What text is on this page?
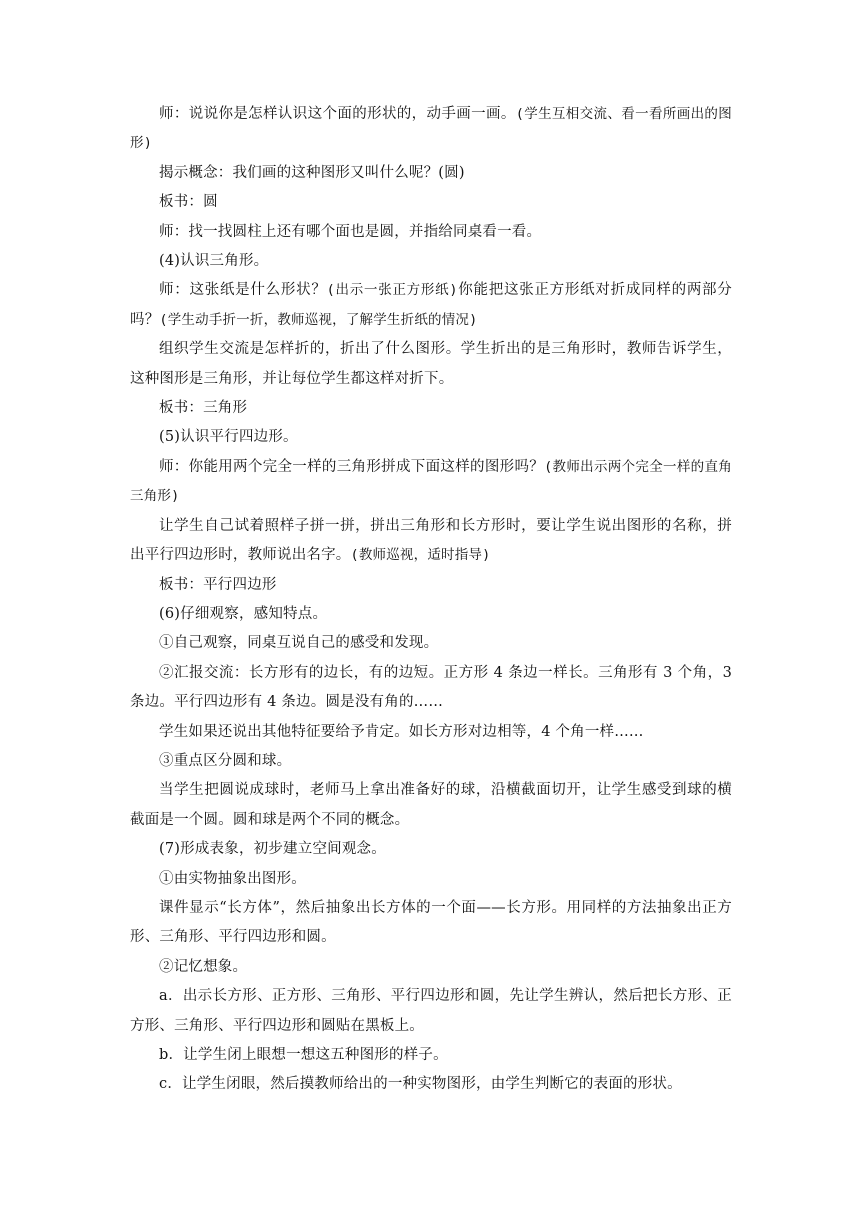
师：说说你是怎样认识这个面的形状的，动手画一画。(学生互相交流、看一看所画出的图形)

揭示概念：我们画的这种图形又叫什么呢？(圆)

板书：圆

师：找一找圆柱上还有哪个面也是圆，并指给同桌看一看。

(4)认识三角形。

师：这张纸是什么形状？(出示一张正方形纸)你能把这张正方形纸对折成同样的两部分吗？(学生动手折一折，教师巡视，了解学生折纸的情况)

组织学生交流是怎样折的，折出了什么图形。学生折出的是三角形时，教师告诉学生，这种图形是三角形，并让每位学生都这样对折下。

板书：三角形

(5)认识平行四边形。

师：你能用两个完全一样的三角形拼成下面这样的图形吗？(教师出示两个完全一样的直角三角形)

让学生自己试着照样子拼一拼，拼出三角形和长方形时，要让学生说出图形的名称，拼出平行四边形时，教师说出名字。(教师巡视，适时指导)

板书：平行四边形

(6)仔细观察，感知特点。

①自己观察，同桌互说自己的感受和发现。

②汇报交流：长方形有的边长，有的边短。正方形 4 条边一样长。三角形有 3 个角，3 条边。平行四边形有 4 条边。圆是没有角的……

学生如果还说出其他特征要给予肯定。如长方形对边相等，4 个角一样……

③重点区分圆和球。

当学生把圆说成球时，老师马上拿出准备好的球，沿横截面切开，让学生感受到球的横截面是一个圆。圆和球是两个不同的概念。

(7)形成表象，初步建立空间观念。

①由实物抽象出图形。

课件显示“长方体”，然后抽象出长方体的一个面——长方形。用同样的方法抽象出正方形、三角形、平行四边形和圆。

②记忆想象。

a．出示长方形、正方形、三角形、平行四边形和圆，先让学生辨认，然后把长方形、正方形、三角形、平行四边形和圆贴在黑板上。

b．让学生闭上眼想一想这五种图形的样子。

c．让学生闭眼，然后摸教师给出的一种实物图形，由学生判断它的表面的形状。
